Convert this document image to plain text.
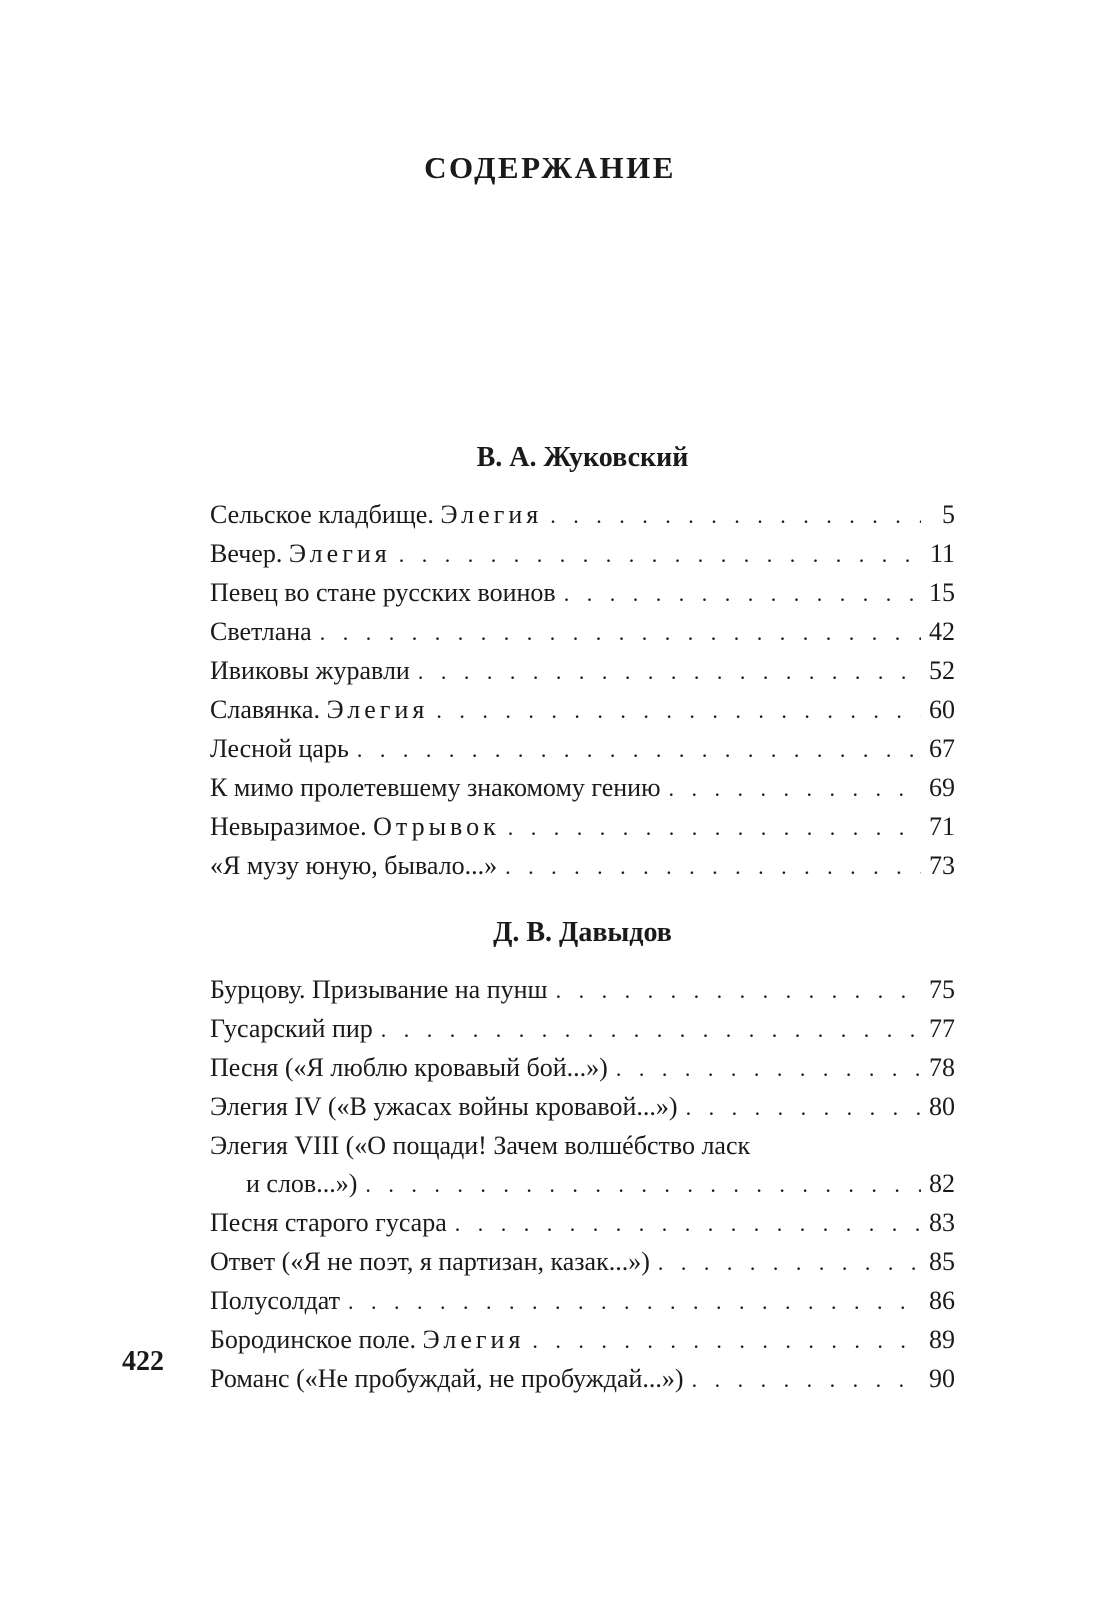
СОДЕРЖАНИЕ
В. А. Жуковский
Сельское кладбище. Элегия . . .	5
Вечер. Элегия . . .	11
Певец во стане русских воинов . . .	15
Светлана . . .	42
Ивиковы журавли . . .	52
Славянка. Элегия . . .	60
Лесной царь . . .	67
К мимо пролетевшему знакомому гению . . .	69
Невыразимое. Отрывок . . .	71
«Я музу юную, бывало...» . . .	73
Д. В. Давыдов
Бурцову. Призывание на пунш . . .	75
Гусарский пир . . .	77
Песня («Я люблю кровавый бой...») . . .	78
Элегия IV («В ужасах войны кровавой...») . . .	80
Элегия VIII («О пощади! Зачем волшéбство ласк
и слов...») . . .	82
Песня старого гусара . . .	83
Ответ («Я не поэт, я партизан, казак...») . . .	85
Полусолдат . . .	86
Бородинское поле. Элегия . . .	89
Романс («Не пробуждай, не пробуждай...») . . .	90
422
